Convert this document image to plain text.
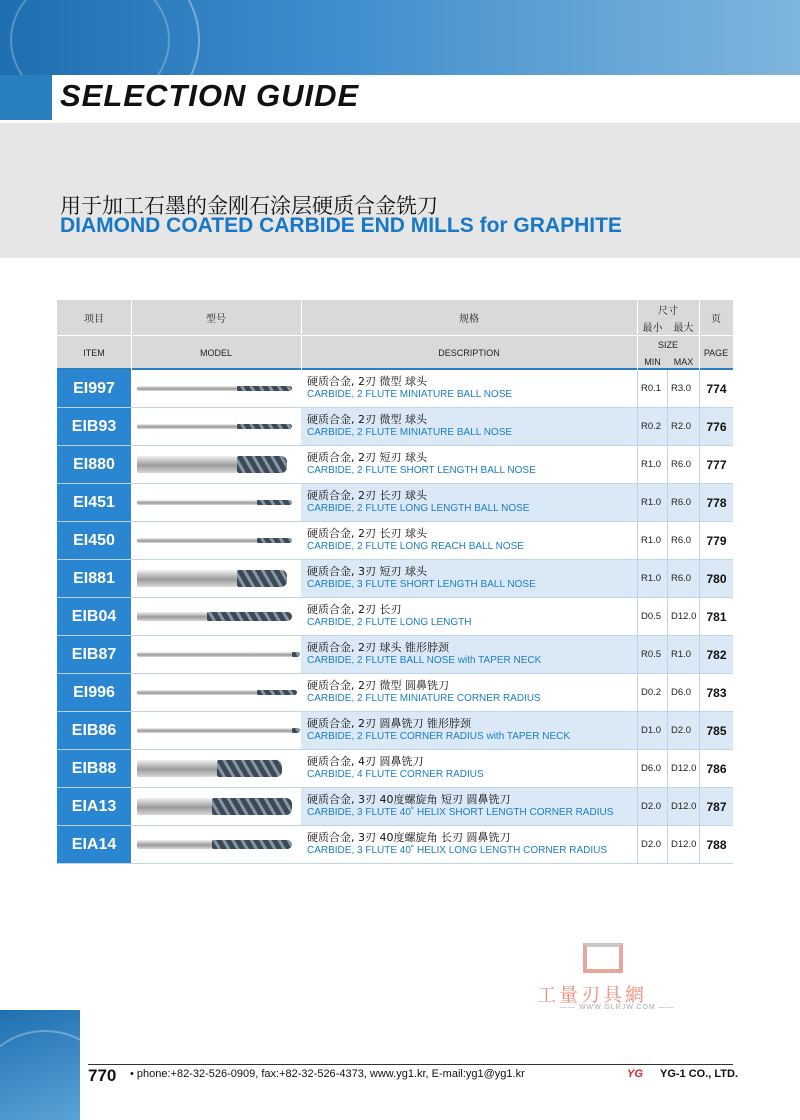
SELECTION GUIDE
用于加工石墨的金刚石涂层硬质合金铣刀
DIAMOND COATED CARBIDE END MILLS for GRAPHITE
项目	型号	规格
尺寸
最小	最大
页
ITEM	MODEL	DESCRIPTION
SIZE
MIN	MAX
PAGE
EI997	硬质合金, 2刃 微型 球头
CARBIDE, 2 FLUTE MINIATURE BALL NOSE
R0.1	R3.0	774
EIB93	硬质合金, 2刃 微型 球头
CARBIDE, 2 FLUTE MINIATURE BALL NOSE
R0.2	R2.0	776
EI880	硬质合金, 2刃 短刃 球头
CARBIDE, 2 FLUTE SHORT LENGTH BALL NOSE
R1.0	R6.0	777
EI451	硬质合金, 2刃 长刃 球头
CARBIDE, 2 FLUTE LONG LENGTH BALL NOSE
R1.0	R6.0	778
EI450	硬质合金, 2刃 长刃 球头
CARBIDE, 2 FLUTE LONG REACH BALL NOSE
R1.0	R6.0	779
EI881	硬质合金, 3刃 短刃 球头
CARBIDE, 3 FLUTE SHORT LENGTH BALL NOSE
R1.0	R6.0	780
EIB04	硬质合金, 2刃 长刃
CARBIDE, 2 FLUTE LONG LENGTH
D0.5	D12.0 781
EIB87	硬质合金, 2刃 球头 锥形脖颈
CARBIDE, 2 FLUTE BALL NOSE with TAPER NECK
R0.5	R1.0	782
EI996	硬质合金, 2刃 微型 圆鼻铣刀
CARBIDE, 2 FLUTE MINIATURE CORNER RADIUS
D0.2	D6.0	783
EIB86	硬质合金, 2刃 圆鼻铣刀 锥形脖颈
CARBIDE, 2 FLUTE CORNER RADIUS with TAPER NECK
D1.0	D2.0	785
EIB88	硬质合金, 4刃 圆鼻铣刀
CARBIDE, 4 FLUTE CORNER RADIUS
D6.0	D12.0 786
EIA13	硬质合金, 3刃 40度螺旋角 短刃 圆鼻铣刀
CARBIDE, 3 FLUTE 40˚ HELIX SHORT LENGTH CORNER RADIUS
D2.0	D12.0 787
EIA14	硬质合金, 3刃 40度螺旋角 长刃 圆鼻铣刀
CARBIDE, 3 FLUTE 40˚ HELIX LONG LENGTH CORNER RADIUS
D2.0	D12.0 788
工量刃具網
—— WWW.GLRJW.COM ——
770 • phone:+82-32-526-0909, fax:+82-32-526-4373, www.yg1.kr, E-mail:yg1@yg1.kr	YG YG-1 CO., LTD.
